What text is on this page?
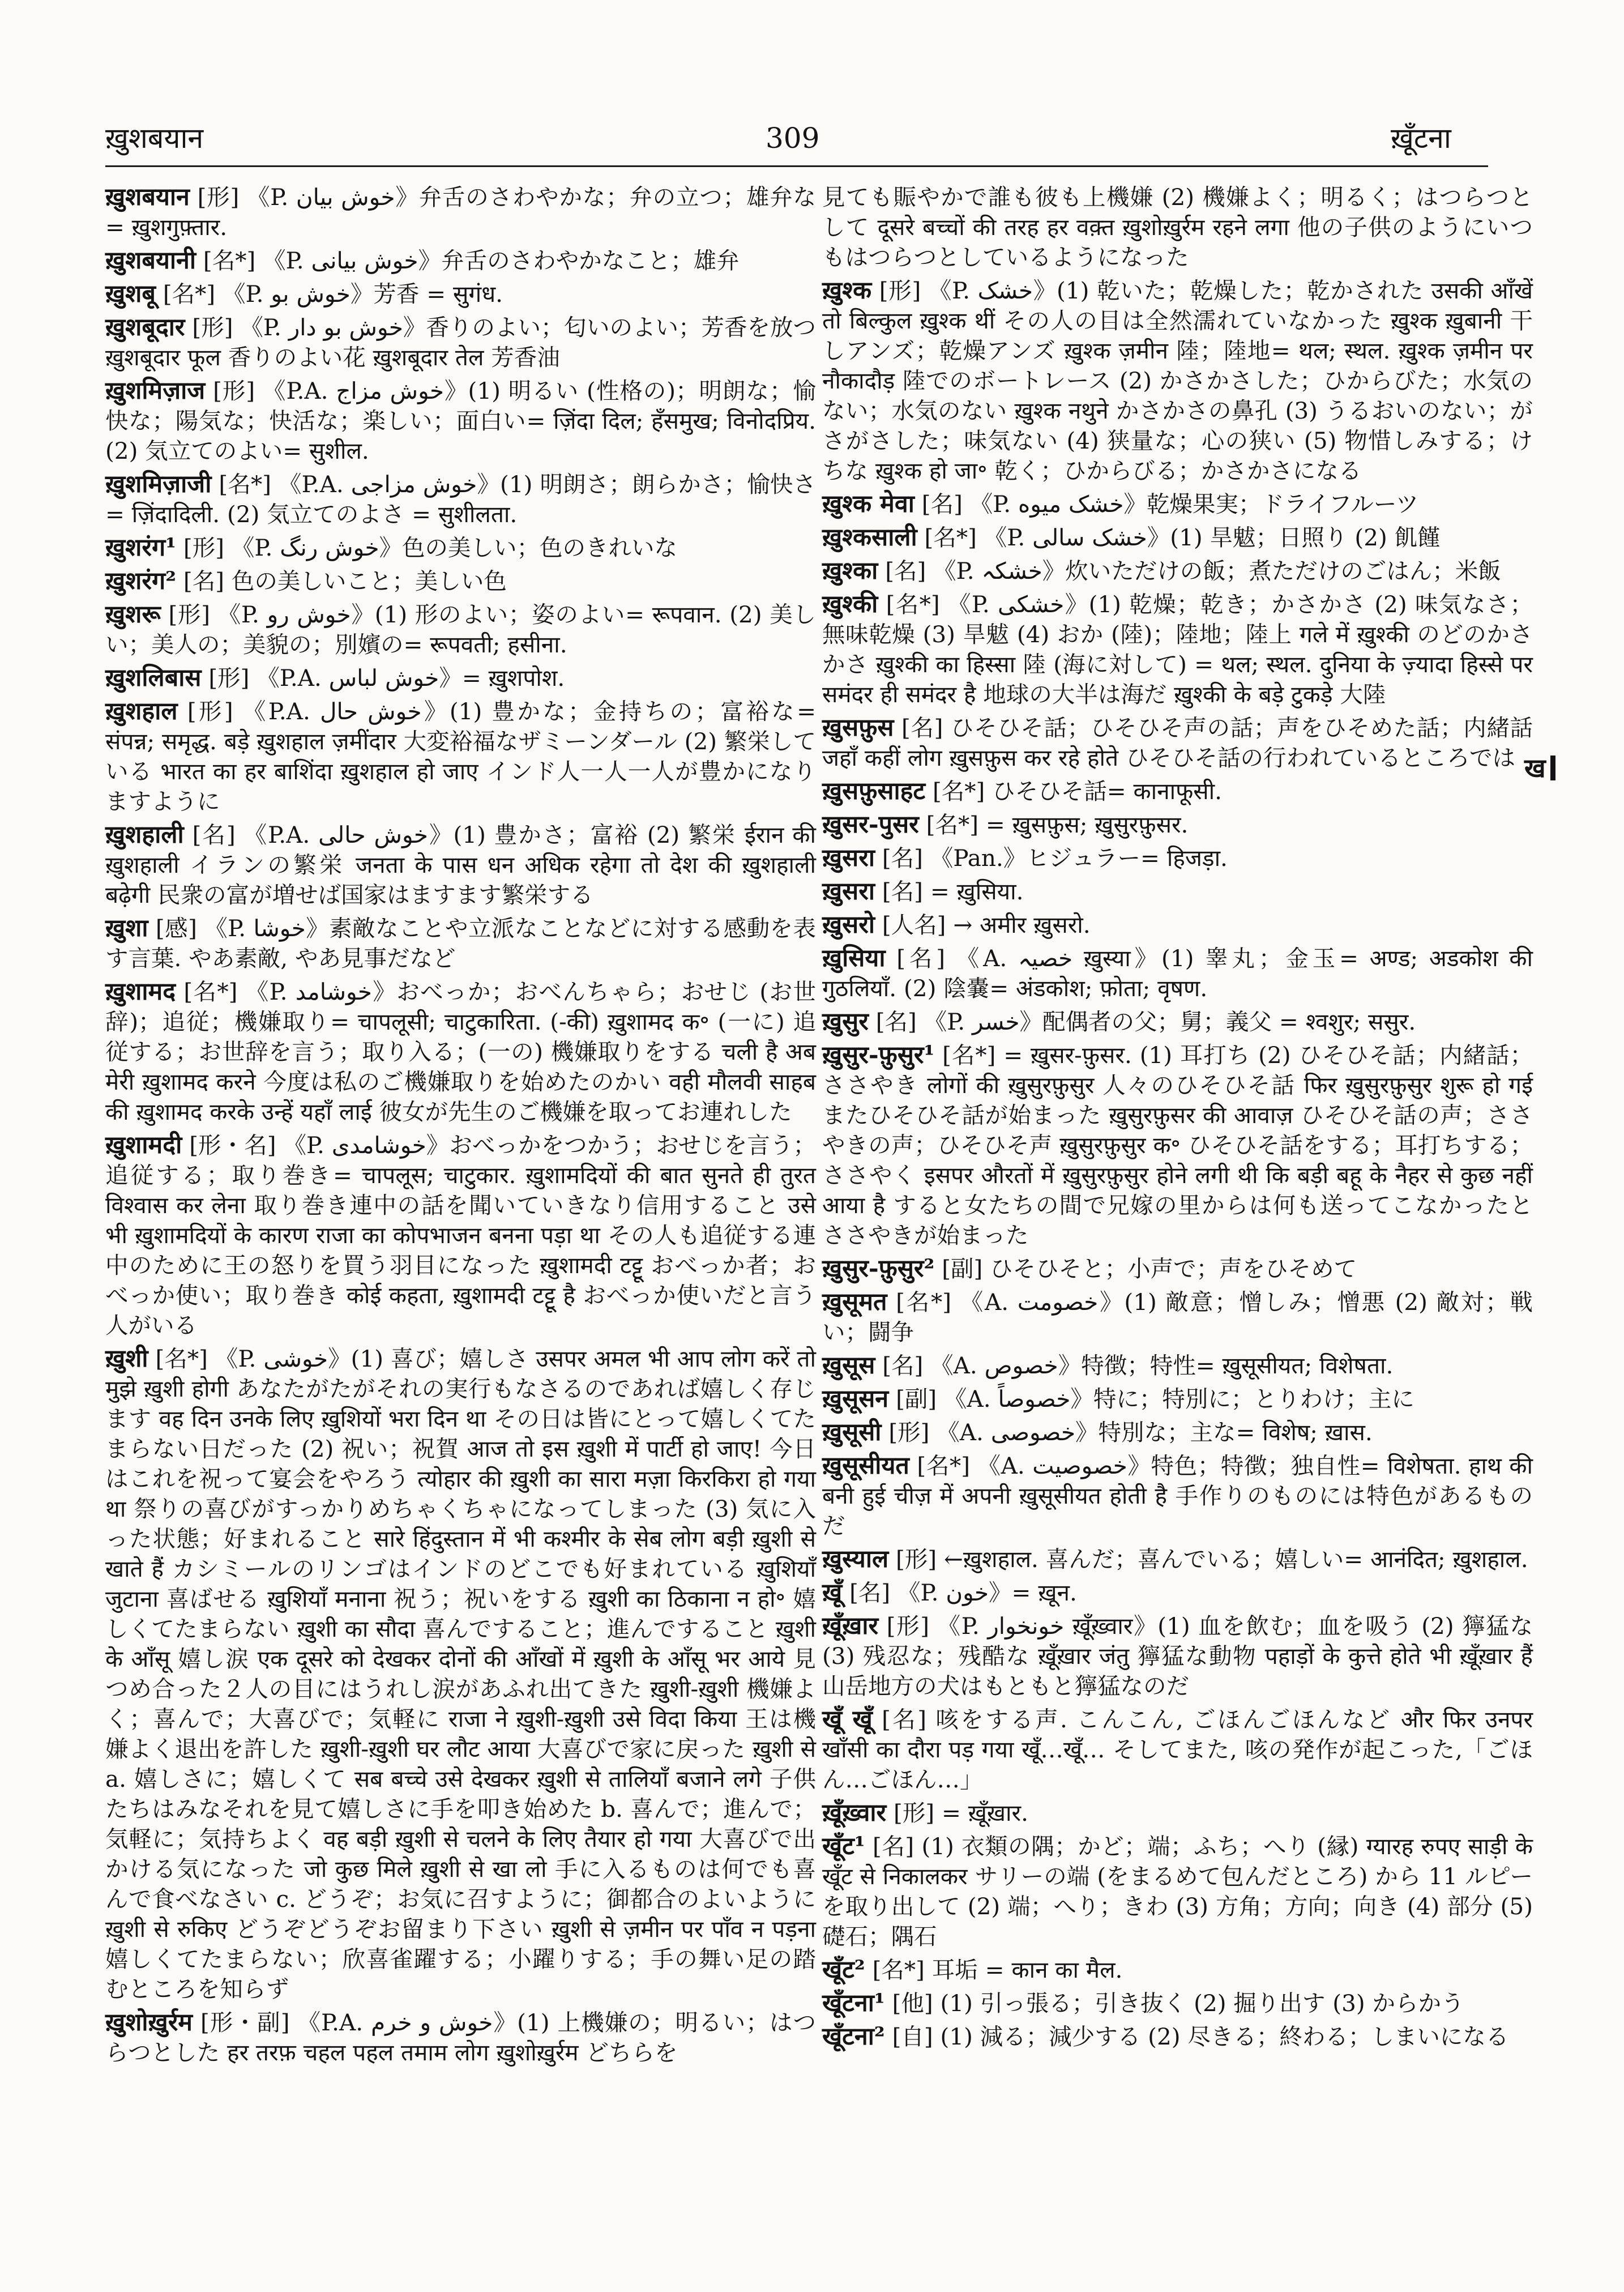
ख़ुशबयान	309	ख़ूँटना

ख़ुशबयान [形] 《P. خوش بیان》弁舌のさわやかな；弁の立つ；雄弁な= ख़ुशगुफ़्तार.

ख़ुशबयानी [名*] 《P. خوش بیانی》弁舌のさわやかなこと；雄弁

ख़ुशबू [名*] 《P. خوش بو》芳香 = सुगंध.

ख़ुशबूदार [形] 《P. خوش بو دار》香りのよい；匂いのよい；芳香を放つ ख़ुशबूदार फूल 香りのよい花 ख़ुशबूदार तेल 芳香油

ख़ुशमिज़ाज [形] 《P.A. خوش مزاج》(1) 明るい (性格の)；明朗な；愉快な；陽気な；快活な；楽しい；面白い= ज़िंदा दिल; हँसमुख; विनोदप्रिय. (2) 気立てのよい= सुशील.

ख़ुशमिज़ाजी [名*] 《P.A. خوش مزاجی》(1) 明朗さ；朗らかさ；愉快さ= ज़िंदादिली. (2) 気立てのよさ = सुशीलता.

ख़ुशरंग¹ [形] 《P. خوش رنگ》色の美しい；色のきれいな

ख़ुशरंग² [名] 色の美しいこと；美しい色

ख़ुशरू [形] 《P. خوش رو》(1) 形のよい；姿のよい= रूपवान. (2) 美しい；美人の；美貌の；別嬪の= रूपवती; हसीना.

ख़ुशलिबास [形] 《P.A. خوش لباس》= ख़ुशपोश.

ख़ुशहाल [形] 《P.A. خوش حال》(1) 豊かな；金持ちの；富裕な= संपन्न; समृद्ध. बड़े ख़ुशहाल ज़मींदार 大変裕福なザミーンダール (2) 繁栄している भारत का हर बाशिंदा ख़ुशहाल हो जाए インド人一人一人が豊かになりますように

ख़ुशहाली [名] 《P.A. خوش حالی》(1) 豊かさ；富裕 (2) 繁栄 ईरान की ख़ुशहाली イランの繁栄 जनता के पास धन अधिक रहेगा तो देश की ख़ुशहाली बढ़ेगी 民衆の富が増せば国家はますます繁栄する

ख़ुशा [感] 《P. خوشا》素敵なことや立派なことなどに対する感動を表す言葉. やあ素敵, やあ見事だなど

ख़ुशामद [名*] 《P. خوشامد》おべっか；おべんちゃら；おせじ (お世辞)；追従；機嫌取り= चापलूसी; चाटुकारिता. (-की) ख़ुशामद क॰ (一に) 追従する；お世辞を言う；取り入る；(一の) 機嫌取りをする चली है अब मेरी ख़ुशामद करने 今度は私のご機嫌取りを始めたのかい वही मौलवी साहब की ख़ुशामद करके उन्हें यहाँ लाई 彼女が先生のご機嫌を取ってお連れした

ख़ुशामदी [形・名] 《P. خوشامدی》おべっかをつかう；おせじを言う；追従する；取り巻き= चापलूस; चाटुकार. ख़ुशामदियों की बात सुनते ही तुरत विश्वास कर लेना 取り巻き連中の話を聞いていきなり信用すること उसे भी ख़ुशामदियों के कारण राजा का कोपभाजन बनना पड़ा था その人も追従する連中のために王の怒りを買う羽目になった ख़ुशामदी टट्टू おべっか者；おべっか使い；取り巻き कोई कहता, ख़ुशामदी टट्टू है おべっか使いだと言う人がいる

ख़ुशी [名*] 《P. خوشی》(1) 喜び；嬉しさ उसपर अमल भी आप लोग करें तो मुझे ख़ुशी होगी あなたがたがそれの実行もなさるのであれば嬉しく存じます वह दिन उनके लिए ख़ुशियों भरा दिन था その日は皆にとって嬉しくてたまらない日だった (2) 祝い；祝賀 आज तो इस ख़ुशी में पार्टी हो जाए! 今日はこれを祝って宴会をやろう त्योहार की ख़ुशी का सारा मज़ा किरकिरा हो गया था 祭りの喜びがすっかりめちゃくちゃになってしまった (3) 気に入った状態；好まれること सारे हिंदुस्तान में भी कश्मीर के सेब लोग बड़ी ख़ुशी से खाते हैं カシミールのリンゴはインドのどこでも好まれている ख़ुशियाँ जुटाना 喜ばせる ख़ुशियाँ मनाना 祝う；祝いをする ख़ुशी का ठिकाना न हो॰ 嬉しくてたまらない ख़ुशी का सौदा 喜んですること；進んですること ख़ुशी के आँसू 嬉し涙 एक दूसरे को देखकर दोनों की आँखों में ख़ुशी के आँसू भर आये 見つめ合った２人の目にはうれし涙があふれ出てきた ख़ुशी-ख़ुशी 機嫌よく；喜んで；大喜びで；気軽に राजा ने ख़ुशी-ख़ुशी उसे विदा किया 王は機嫌よく退出を許した ख़ुशी-ख़ुशी घर लौट आया 大喜びで家に戻った ख़ुशी से a. 嬉しさに；嬉しくて सब बच्चे उसे देखकर ख़ुशी से तालियाँ बजाने लगे 子供たちはみなそれを見て嬉しさに手を叩き始めた b. 喜んで；進んで；気軽に；気持ちよく वह बड़ी ख़ुशी से चलने के लिए तैयार हो गया 大喜びで出かける気になった जो कुछ मिले ख़ुशी से खा लो 手に入るものは何でも喜んで食べなさい c. どうぞ；お気に召すように；御都合のよいように ख़ुशी से रुकिए どうぞどうぞお留まり下さい ख़ुशी से ज़मीन पर पाँव न पड़ना 嬉しくてたまらない；欣喜雀躍する；小躍りする；手の舞い足の踏むところを知らず

ख़ुशोख़ुर्रम [形・副] 《P.A. خوش و خرم》(1) 上機嫌の；明るい；はつらつとした हर तरफ़ चहल पहल तमाम लोग ख़ुशोख़ुर्रम どちらを

見ても賑やかで誰も彼も上機嫌 (2) 機嫌よく；明るく；はつらつとして दूसरे बच्चों की तरह हर वक़्त ख़ुशोख़ुर्रम रहने लगा 他の子供のようにいつもはつらつとしているようになった

ख़ुश्क [形] 《P. خشک》(1) 乾いた；乾燥した；乾かされた उसकी आँखें तो बिल्कुल ख़ुश्क थीं その人の目は全然濡れていなかった ख़ुश्क ख़ुबानी 干しアンズ；乾燥アンズ ख़ुश्क ज़मीन 陸；陸地= थल; स्थल. ख़ुश्क ज़मीन पर नौकादौड़ 陸でのボートレース (2) かさかさした；ひからびた；水気のない；水気のない ख़ुश्क नथुने かさかさの鼻孔 (3) うるおいのない；がさがさした；味気ない (4) 狭量な；心の狭い (5) 物惜しみする；けちな ख़ुश्क हो जा॰ 乾く；ひからびる；かさかさになる

ख़ुश्क मेवा [名] 《P. خشک میوه》乾燥果実；ドライフルーツ

ख़ुश्कसाली [名*] 《P. خشک سالی》(1) 旱魃；日照り (2) 飢饉

ख़ुश्का [名] 《P. خشکہ》炊いただけの飯；煮ただけのごはん；米飯

ख़ुश्की [名*] 《P. خشکی》(1) 乾燥；乾き；かさかさ (2) 味気なさ；無味乾燥 (3) 旱魃 (4) おか (陸)；陸地；陸上 गले में ख़ुश्की のどのかさかさ ख़ुश्की का हिस्सा 陸 (海に対して) = थल; स्थल. दुनिया के ज़्यादा हिस्से पर समंदर ही समंदर है 地球の大半は海だ ख़ुश्की के बड़े टुकड़े 大陸

ख़ुसफ़ुस [名] ひそひそ話；ひそひそ声の話；声をひそめた話；内緒話 जहाँ कहीं लोग ख़ुसफ़ुस कर रहे होते ひそひそ話の行われているところでは

ख़ुसफ़ुसाहट [名*] ひそひそ話= कानाफूसी.

ख़ुसर-पुसर [名*] = ख़ुसफ़ुस; ख़ुसुरफ़ुसर.

ख़ुसरा [名] 《Pan.》ヒジュラー= हिजड़ा.

ख़ुसरा [名] = ख़ुसिया.

ख़ुसरो [人名] → अमीर ख़ुसरो.

ख़ुसिया [名] 《A. خصیہ ख़ुस्या》(1) 睾丸；金玉= अण्ड; अडकोश की गुठलियाँ. (2) 陰嚢= अंडकोश; फ़ोता; वृषण.

ख़ुसुर [名] 《P. خسر》配偶者の父；舅；義父 = श्वशुर; ससुर.

ख़ुसुर-फ़ुसुर¹ [名*] = ख़ुसर-फ़ुसर. (1) 耳打ち (2) ひそひそ話；内緒話；ささやき लोगों की ख़ुसुरफ़ुसुर 人々のひそひそ話 फिर ख़ुसुरफ़ुसुर शुरू हो गई またひそひそ話が始まった ख़ुसुरफ़ुसर की आवाज़ ひそひそ話の声；ささやきの声；ひそひそ声 ख़ुसुरफ़ुसुर क॰ ひそひそ話をする；耳打ちする；ささやく इसपर औरतों में ख़ुसुरफ़ुसुर होने लगी थी कि बड़ी बहू के नैहर से कुछ नहीं आया है すると女たちの間で兄嫁の里からは何も送ってこなかったとささやきが始まった

ख़ुसुर-फ़ुसुर² [副] ひそひそと；小声で；声をひそめて

ख़ुसूमत [名*] 《A. خصومت》(1) 敵意；憎しみ；憎悪 (2) 敵対；戦い；闘争

ख़ुसूस [名] 《A. خصوص》特徴；特性= ख़ुसूसीयत; विशेषता.

ख़ुसूसन [副] 《A. خصوصاً》特に；特別に；とりわけ；主に

ख़ुसूसी [形] 《A. خصوصی》特別な；主な= विशेष; ख़ास.

ख़ुसूसीयत [名*] 《A. خصوصیت》特色；特徴；独自性= विशेषता. हाथ की बनी हुई चीज़ में अपनी ख़ुसूसीयत होती है 手作りのものには特色があるものだ

ख़ुस्याल [形] ←ख़ुशहाल. 喜んだ；喜んでいる；嬉しい= आनंदित; ख़ुशहाल.

ख़ूँ [名] 《P. خون》= ख़ून.

ख़ूँख़ार [形] 《P. خونخوار ख़ूँख़्वार》(1) 血を飲む；血を吸う (2) 獰猛な (3) 残忍な；残酷な ख़ूँख़ार जंतु 獰猛な動物 पहाड़ों के कुत्ते होते भी ख़ूँख़ार हैं 山岳地方の犬はもともと獰猛なのだ

खूँ खूँ [名] 咳をする声. こんこん, ごほんごほんなど और फिर उनपर खाँसी का दौरा पड़ गया खूँ…खूँ… そしてまた, 咳の発作が起こった,「ごほん…ごほん…」

ख़ूँख़्वार [形] = ख़ूँख़ार.

खूँट¹ [名] (1) 衣類の隅；かど；端；ふち；へり (縁) ग्यारह रुपए साड़ी के खूँट से निकालकर サリーの端 (をまるめて包んだところ) から 11 ルピーを取り出して (2) 端；へり；きわ (3) 方角；方向；向き (4) 部分 (5) 礎石；隅石

खूँट² [名*] 耳垢 = कान का मैल.

खूँटना¹ [他] (1) 引っ張る；引き抜く (2) 掘り出す (3) からかう

खूँटना² [自] (1) 減る；減少する (2) 尽きる；終わる；しまいになる

ख
